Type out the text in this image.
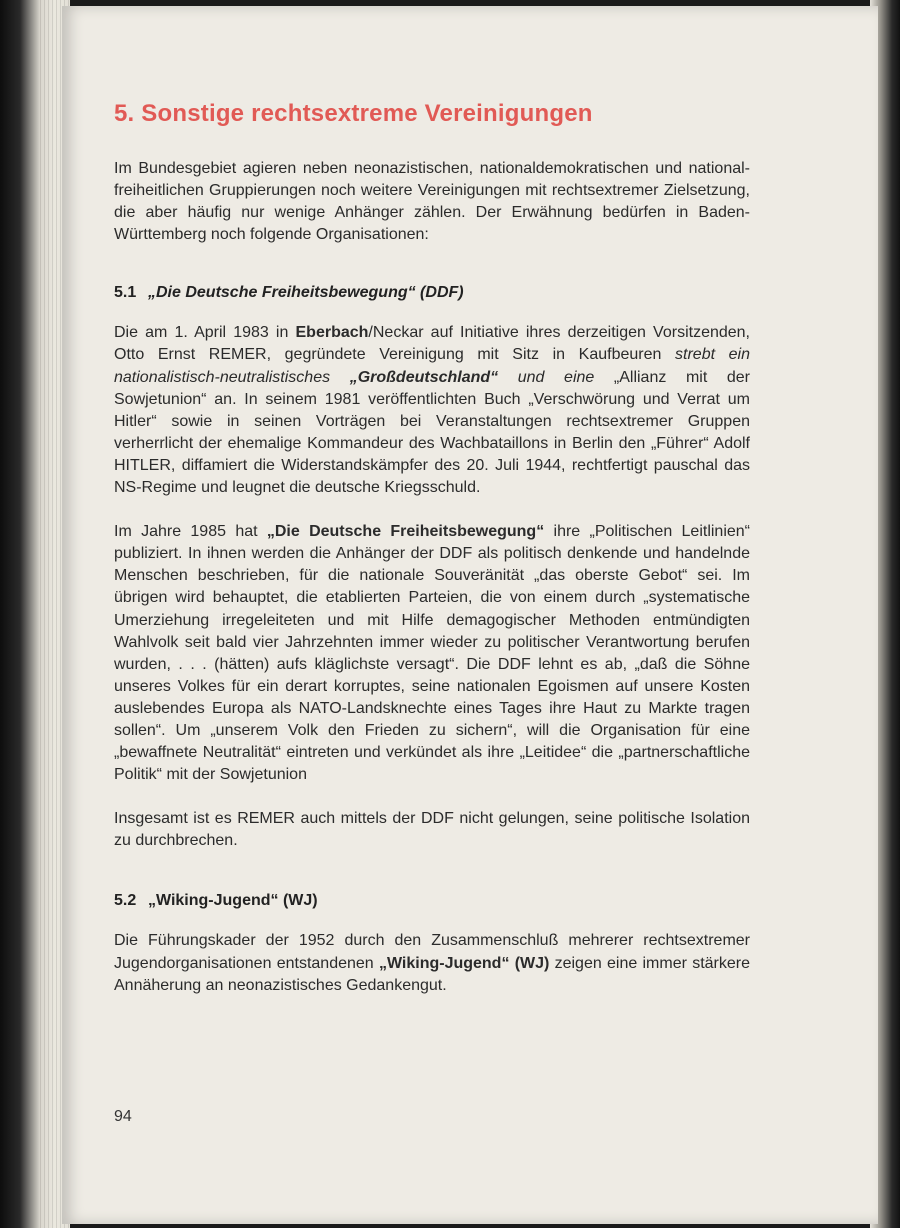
5. Sonstige rechtsextreme Vereinigungen

Im Bundesgebiet agieren neben neonazistischen, nationaldemokratischen und national-freiheitlichen Gruppierungen noch weitere Vereinigungen mit rechtsextremer Zielsetzung, die aber häufig nur wenige Anhänger zählen. Der Erwähnung bedürfen in Baden-Württemberg noch folgende Organisationen:

5.1 „Die Deutsche Freiheitsbewegung“ (DDF)

Die am 1. April 1983 in Eberbach/Neckar auf Initiative ihres derzeitigen Vorsitzenden, Otto Ernst REMER, gegründete Vereinigung mit Sitz in Kaufbeuren strebt ein nationalistisch-neutralistisches „Großdeutschland“ und eine „Allianz mit der Sowjetunion“ an. In seinem 1981 veröffentlichten Buch „Verschwörung und Verrat um Hitler“ sowie in seinen Vorträgen bei Veranstaltungen rechtsextremer Gruppen verherrlicht der ehemalige Kommandeur des Wachbataillons in Berlin den „Führer“ Adolf HITLER, diffamiert die Widerstandskämpfer des 20. Juli 1944, rechtfertigt pauschal das NS-Regime und leugnet die deutsche Kriegsschuld.

Im Jahre 1985 hat „Die Deutsche Freiheitsbewegung“ ihre „Politischen Leitlinien“ publiziert. In ihnen werden die Anhänger der DDF als politisch denkende und handelnde Menschen beschrieben, für die nationale Souveränität „das oberste Gebot“ sei. Im übrigen wird behauptet, die etablierten Parteien, die von einem durch „systematische Umerziehung irregeleiteten und mit Hilfe demagogischer Methoden entmündigten Wahlvolk seit bald vier Jahrzehnten immer wieder zu politischer Verantwortung berufen wurden, . . . (hätten) aufs kläglichste versagt“. Die DDF lehnt es ab, „daß die Söhne unseres Volkes für ein derart korruptes, seine nationalen Egoismen auf unsere Kosten auslebendes Europa als NATO-Landsknechte eines Tages ihre Haut zu Markte tragen sollen“. Um „unserem Volk den Frieden zu sichern“, will die Organisation für eine „bewaffnete Neutralität“ eintreten und verkündet als ihre „Leitidee“ die „partnerschaftliche Politik“ mit der Sowjetunion

Insgesamt ist es REMER auch mittels der DDF nicht gelungen, seine politische Isolation zu durchbrechen.

5.2 „Wiking-Jugend“ (WJ)

Die Führungskader der 1952 durch den Zusammenschluß mehrerer rechtsextremer Jugendorganisationen entstandenen „Wiking-Jugend“ (WJ) zeigen eine immer stärkere Annäherung an neonazistisches Gedankengut.

94
